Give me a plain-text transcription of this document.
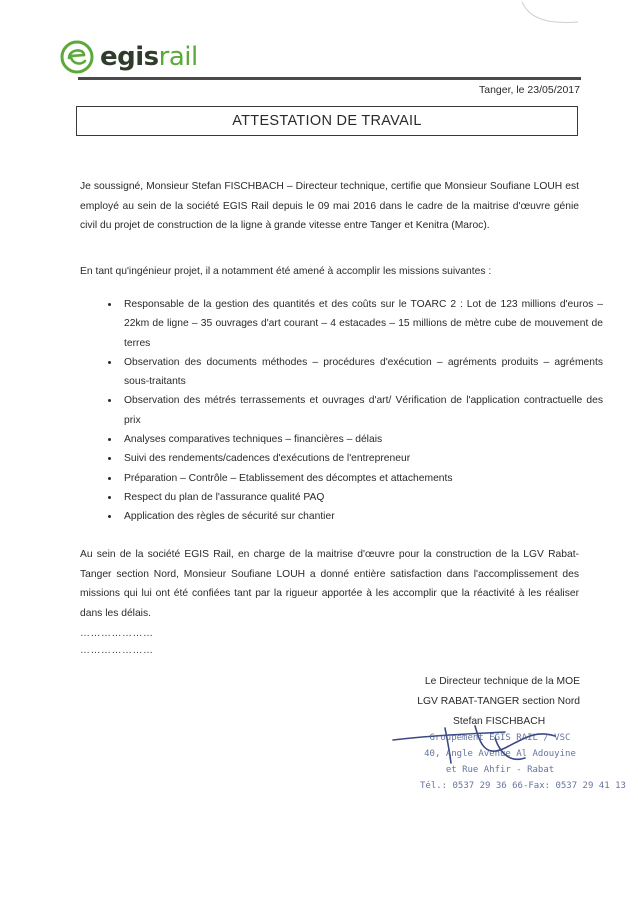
egisrail
Tanger, le 23/05/2017
ATTESTATION DE TRAVAIL

Je soussigné, Monsieur Stefan FISCHBACH – Directeur technique, certifie que Monsieur Soufiane LOUH est employé au sein de la société EGIS Rail depuis le 09 mai 2016 dans le cadre de la maitrise d'œuvre génie civil du projet de construction de la ligne à grande vitesse entre Tanger et Kenitra (Maroc).

En tant qu'ingénieur projet, il a notamment été amené à accomplir les missions suivantes :

• Responsable de la gestion des quantités et des coûts sur le TOARC 2 : Lot de 123 millions d'euros – 22km de ligne – 35 ouvrages d'art courant – 4 estacades – 15 millions de mètre cube de mouvement de terres
• Observation des documents méthodes – procédures d'exécution – agréments produits – agréments sous-traitants
• Observation des métrés terrassements et ouvrages d'art/ Vérification de l'application contractuelle des prix
• Analyses comparatives techniques – financières – délais
• Suivi des rendements/cadences d'exécutions de l'entrepreneur
• Préparation – Contrôle – Etablissement des décomptes et attachements
• Respect du plan de l'assurance qualité PAQ
• Application des règles de sécurité sur chantier

Au sein de la société EGIS Rail, en charge de la maitrise d'œuvre pour la construction de la LGV Rabat-Tanger section Nord, Monsieur Soufiane LOUH a donné entière satisfaction dans l'accomplissement des missions qui lui ont été confiées tant par la rigueur apportée à les accomplir que la réactivité à les réaliser dans les délais.

…………………
…………………
Le Directeur technique de la MOE
LGV RABAT-TANGER section Nord
Stefan FISCHBACH
Groupement EGIS RAIL / VSC
40, Angle Avenue Al Adouyine
et Rue Ahfir - Rabat
Tél.: 0537 29 36 66-Fax: 0537 29 41 13
